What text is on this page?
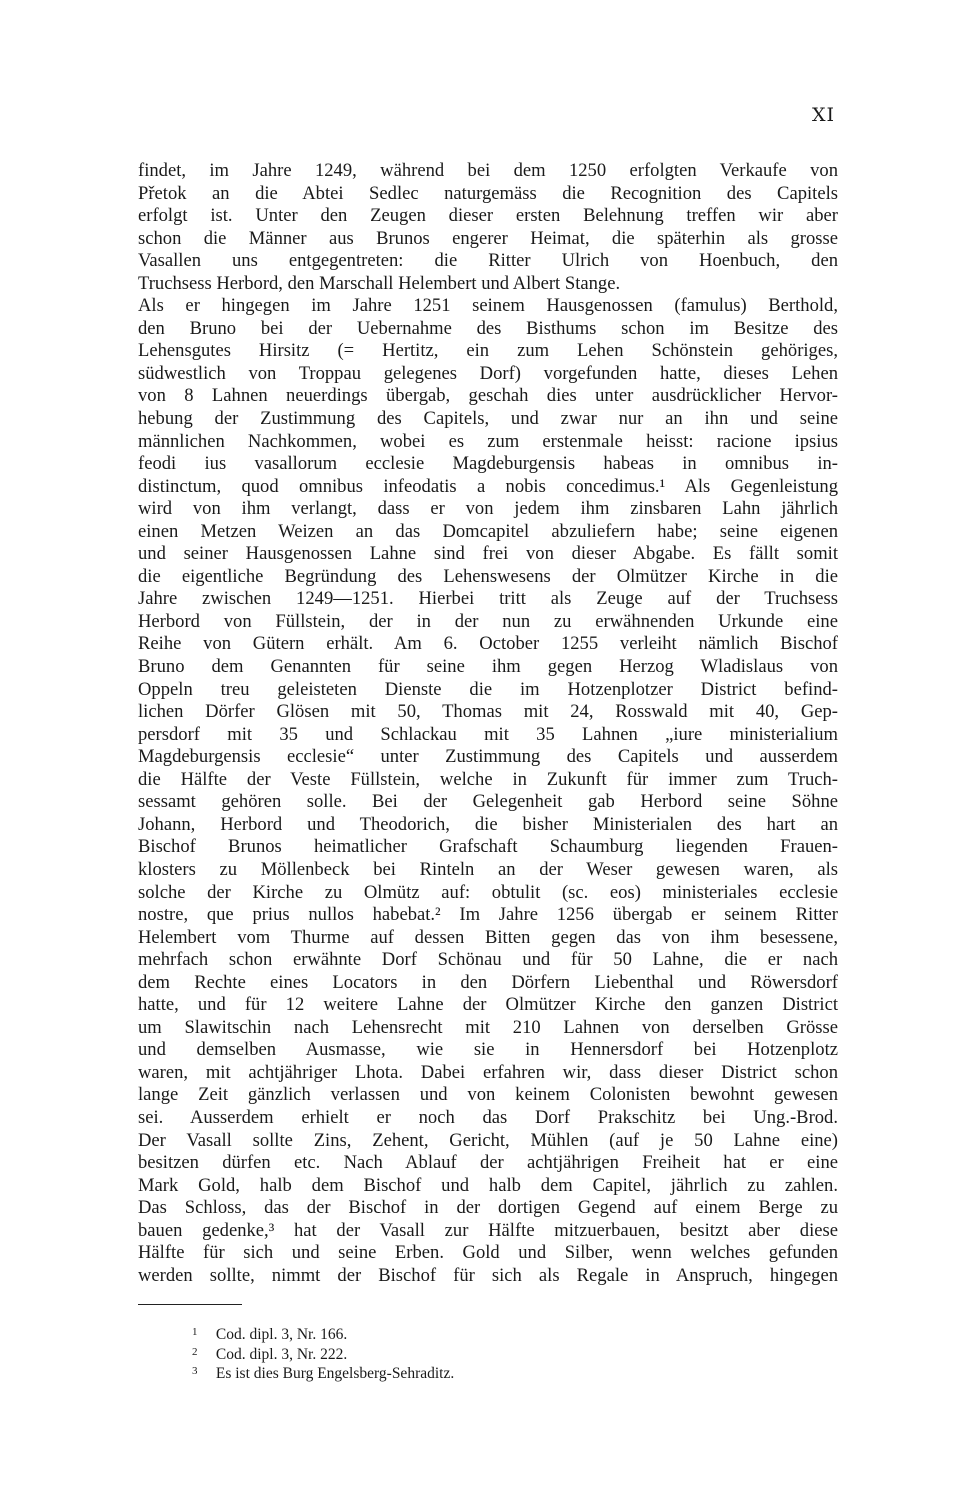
XI
findet, im Jahre 1249, während bei dem 1250 erfolgten Verkaufe von
Přetok an die Abtei Sedlec naturgemäss die Recognition des Capitels
erfolgt ist. Unter den Zeugen dieser ersten Belehnung treffen wir aber
schon die Männer aus Brunos engerer Heimat, die späterhin als grosse
Vasallen uns entgegentreten: die Ritter Ulrich von Hoenbuch, den
Truchsess Herbord, den Marschall Helembert und Albert Stange.
Als er hingegen im Jahre 1251 seinem Hausgenossen (famulus) Berthold,
den Bruno bei der Uebernahme des Bisthums schon im Besitze des
Lehensgutes Hirsitz (= Hertitz, ein zum Lehen Schönstein gehöriges,
südwestlich von Troppau gelegenes Dorf) vorgefunden hatte, dieses Lehen
von 8 Lahnen neuerdings übergab, geschah dies unter ausdrücklicher Hervor-
hebung der Zustimmung des Capitels, und zwar nur an ihn und seine
männlichen Nachkommen, wobei es zum erstenmale heisst: racione ipsius
feodi ius vasallorum ecclesie Magdeburgensis habeas in omnibus in-
distinctum, quod omnibus infeodatis a nobis concedimus.¹ Als Gegenleistung
wird von ihm verlangt, dass er von jedem ihm zinsbaren Lahn jährlich
einen Metzen Weizen an das Domcapitel abzuliefern habe; seine eigenen
und seiner Hausgenossen Lahne sind frei von dieser Abgabe. Es fällt somit
die eigentliche Begründung des Lehenswesens der Olmützer Kirche in die
Jahre zwischen 1249—1251. Hierbei tritt als Zeuge auf der Truchsess
Herbord von Füllstein, der in der nun zu erwähnenden Urkunde eine
Reihe von Gütern erhält. Am 6. October 1255 verleiht nämlich Bischof
Bruno dem Genannten für seine ihm gegen Herzog Wladislaus von
Oppeln treu geleisteten Dienste die im Hotzenplotzer District befind-
lichen Dörfer Glösen mit 50, Thomas mit 24, Rosswald mit 40, Gep-
persdorf mit 35 und Schlackau mit 35 Lahnen „iure ministerialium
Magdeburgensis ecclesie“ unter Zustimmung des Capitels und ausserdem
die Hälfte der Veste Füllstein, welche in Zukunft für immer zum Truch-
sessamt gehören solle. Bei der Gelegenheit gab Herbord seine Söhne
Johann, Herbord und Theodorich, die bisher Ministerialen des hart an
Bischof Brunos heimatlicher Grafschaft Schaumburg liegenden Frauen-
klosters zu Möllenbeck bei Rinteln an der Weser gewesen waren, als
solche der Kirche zu Olmütz auf: obtulit (sc. eos) ministeriales ecclesie
nostre, que prius nullos habebat.² Im Jahre 1256 übergab er seinem Ritter
Helembert vom Thurme auf dessen Bitten gegen das von ihm besessene,
mehrfach schon erwähnte Dorf Schönau und für 50 Lahne, die er nach
dem Rechte eines Locators in den Dörfern Liebenthal und Röwersdorf
hatte, und für 12 weitere Lahne der Olmützer Kirche den ganzen District
um Slawitschin nach Lehensrecht mit 210 Lahnen von derselben Grösse
und demselben Ausmasse, wie sie in Hennersdorf bei Hotzenplotz
waren, mit achtjähriger Lhota. Dabei erfahren wir, dass dieser District schon
lange Zeit gänzlich verlassen und von keinem Colonisten bewohnt gewesen
sei. Ausserdem erhielt er noch das Dorf Prakschitz bei Ung.-Brod.
Der Vasall sollte Zins, Zehent, Gericht, Mühlen (auf je 50 Lahne eine)
besitzen dürfen etc. Nach Ablauf der achtjährigen Freiheit hat er eine
Mark Gold, halb dem Bischof und halb dem Capitel, jährlich zu zahlen.
Das Schloss, das der Bischof in der dortigen Gegend auf einem Berge zu
bauen gedenke,³ hat der Vasall zur Hälfte mitzuerbauen, besitzt aber diese
Hälfte für sich und seine Erben. Gold und Silber, wenn welches gefunden
werden sollte, nimmt der Bischof für sich als Regale in Anspruch, hingegen
1 Cod. dipl. 3, Nr. 166.
2 Cod. dipl. 3, Nr. 222.
3 Es ist dies Burg Engelsberg-Sehraditz.
